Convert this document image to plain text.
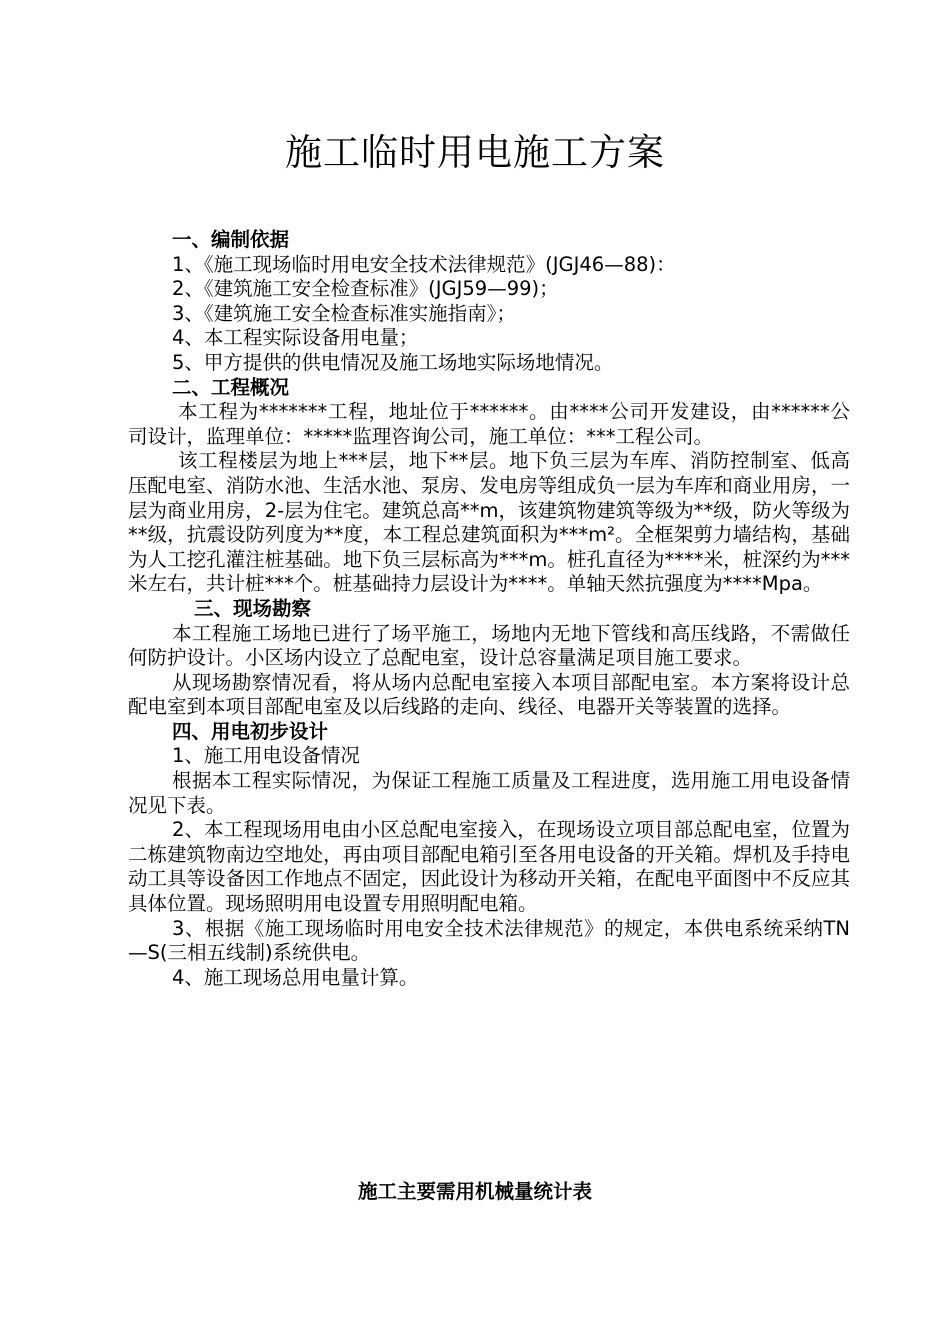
施工临时用电施工方案

一、编制依据

1、《施工现场临时用电安全技术法律规范》(JGJ46—88)：

2、《建筑施工安全检查标准》(JGJ59—99)；

3、《建筑施工安全检查标准实施指南》；

4、本工程实际设备用电量；

5、甲方提供的供电情况及施工场地实际场地情况。

二、工程概况

本工程为*******工程，地址位于******。由****公司开发建设，由******公司设计，监理单位：*****监理咨询公司，施工单位：***工程公司。

该工程楼层为地上***层，地下**层。地下负三层为车库、消防控制室、低高压配电室、消防水池、生活水池、泵房、发电房等组成负一层为车库和商业用房，一层为商业用房，2-层为住宅。建筑总高**m，该建筑物建筑等级为**级，防火等级为**级，抗震设防列度为**度，本工程总建筑面积为***m²。全框架剪力墙结构，基础为人工挖孔灌注桩基础。地下负三层标高为***m。桩孔直径为****米，桩深约为***米左右，共计桩***个。桩基础持力层设计为****。单轴天然抗强度为****Mpa。

三、现场勘察

本工程施工场地已进行了场平施工，场地内无地下管线和高压线路，不需做任何防护设计。小区场内设立了总配电室，设计总容量满足项目施工要求。

从现场勘察情况看，将从场内总配电室接入本项目部配电室。本方案将设计总配电室到本项目部配电室及以后线路的走向、线径、电器开关等装置的选择。

四、用电初步设计

1、施工用电设备情况

根据本工程实际情况，为保证工程施工质量及工程进度，选用施工用电设备情况见下表。

2、本工程现场用电由小区总配电室接入，在现场设立项目部总配电室，位置为二栋建筑物南边空地处，再由项目部配电箱引至各用电设备的开关箱。焊机及手持电动工具等设备因工作地点不固定，因此设计为移动开关箱，在配电平面图中不反应其具体位置。现场照明用电设置专用照明配电箱。

3、根据《施工现场临时用电安全技术法律规范》的规定，本供电系统采纳TN—S(三相五线制)系统供电。

4、施工现场总用电量计算。

施工主要需用机械量统计表
